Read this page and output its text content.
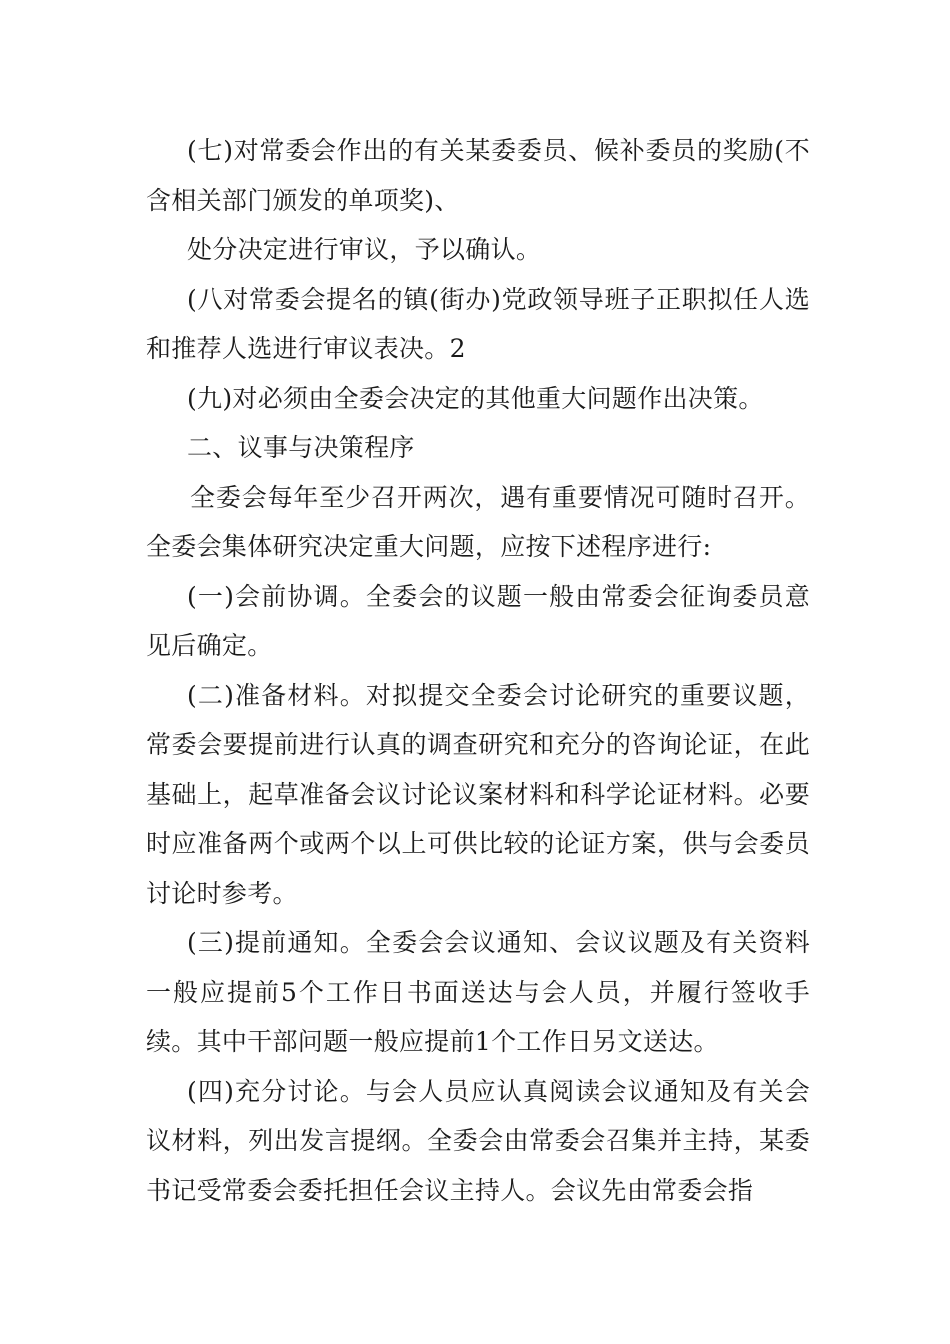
(七)对常委会作出的有关某委委员、候补委员的奖励(不含相关部门颁发的单项奖)、

处分决定进行审议，予以确认。

(八对常委会提名的镇(街办)党政领导班子正职拟任人选和推荐人选进行审议表决。2

(九)对必须由全委会决定的其他重大问题作出决策。

二、议事与决策程序

全委会每年至少召开两次，遇有重要情况可随时召开。全委会集体研究决定重大问题，应按下述程序进行:

(一)会前协调。全委会的议题一般由常委会征询委员意见后确定。

(二)准备材料。对拟提交全委会讨论研究的重要议题，常委会要提前进行认真的调查研究和充分的咨询论证，在此基础上，起草准备会议讨论议案材料和科学论证材料。必要时应准备两个或两个以上可供比较的论证方案，供与会委员讨论时参考。

(三)提前通知。全委会会议通知、会议议题及有关资料一般应提前5个工作日书面送达与会人员，并履行签收手续。其中干部问题一般应提前1个工作日另文送达。

(四)充分讨论。与会人员应认真阅读会议通知及有关会议材料，列出发言提纲。全委会由常委会召集并主持，某委书记受常委会委托担任会议主持人。会议先由常委会指
